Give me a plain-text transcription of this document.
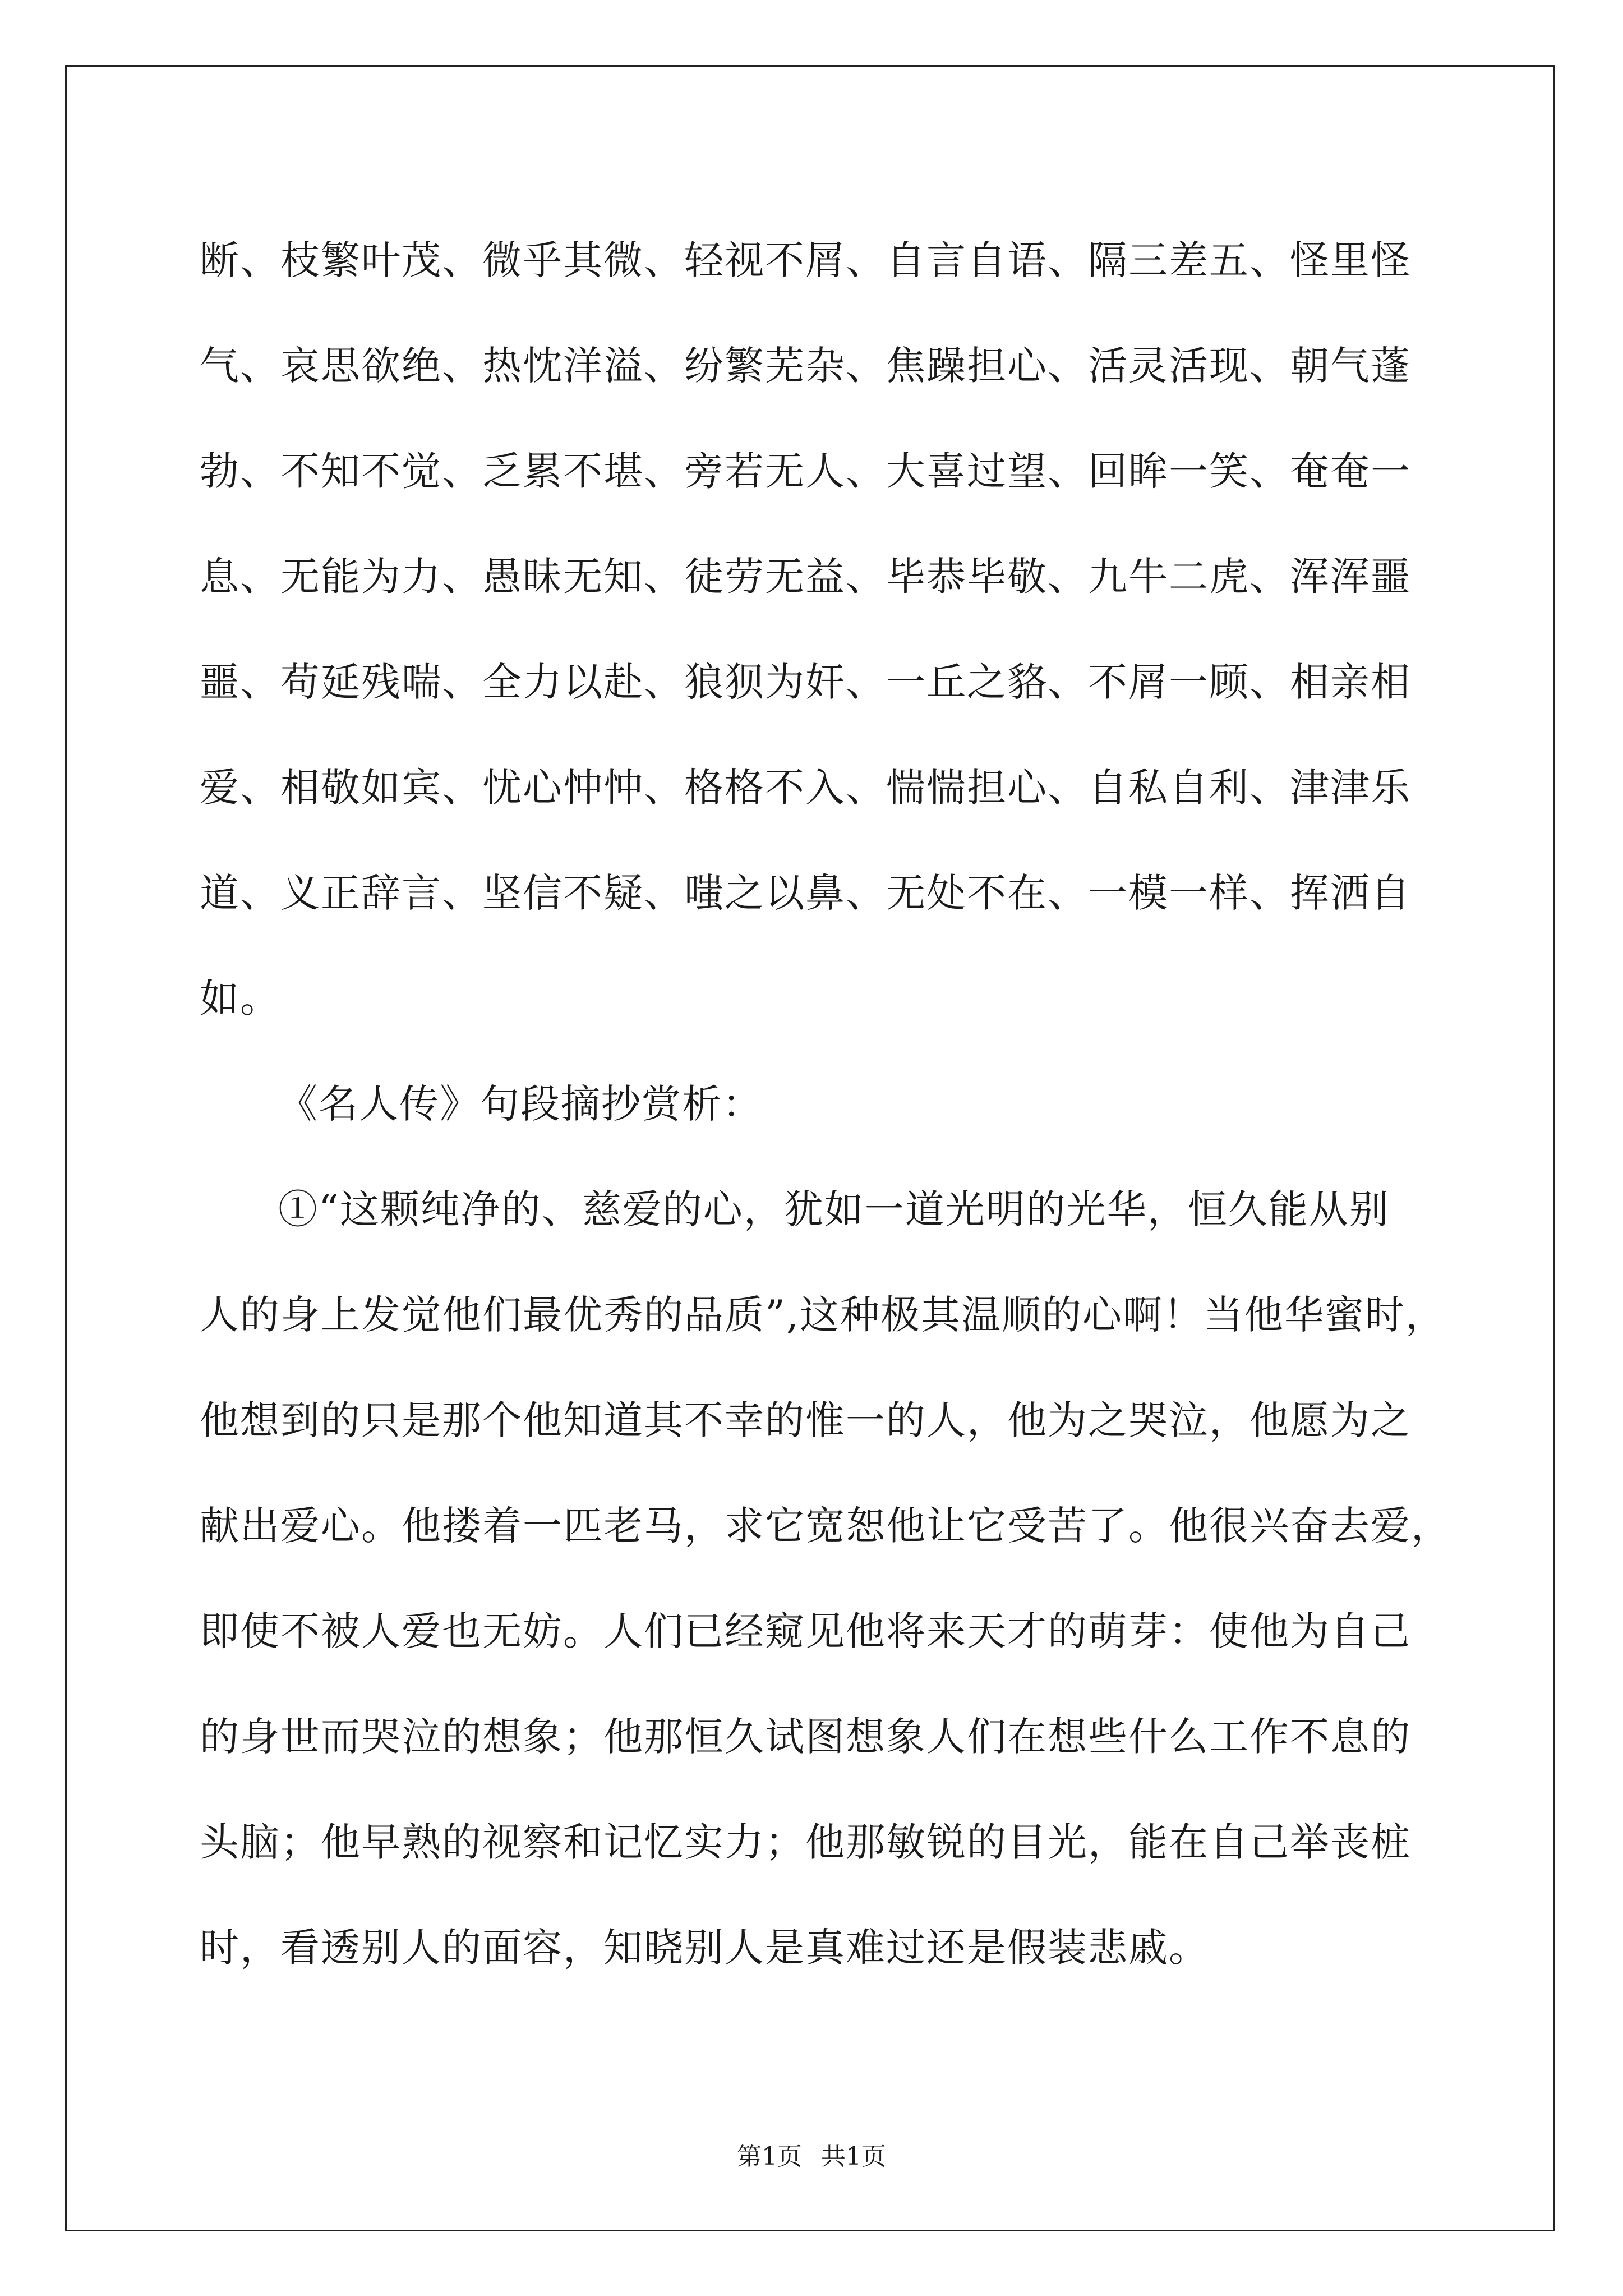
断、枝繁叶茂、微乎其微、轻视不屑、自言自语、隔三差五、怪里怪
气、哀思欲绝、热忱洋溢、纷繁芜杂、焦躁担心、活灵活现、朝气蓬
勃、不知不觉、乏累不堪、旁若无人、大喜过望、回眸一笑、奄奄一
息、无能为力、愚昧无知、徒劳无益、毕恭毕敬、九牛二虎、浑浑噩
噩、苟延残喘、全力以赴、狼狈为奸、一丘之貉、不屑一顾、相亲相
爱、相敬如宾、忧心忡忡、格格不入、惴惴担心、自私自利、津津乐
道、义正辞言、坚信不疑、嗤之以鼻、无处不在、一模一样、挥洒自
如。
《名人传》句段摘抄赏析：
①“这颗纯净的、慈爱的心，犹如一道光明的光华，恒久能从别
人的身上发觉他们最优秀的品质”,这种极其温顺的心啊！当他华蜜时，
他想到的只是那个他知道其不幸的惟一的人，他为之哭泣，他愿为之
献出爱心。他搂着一匹老马，求它宽恕他让它受苦了。他很兴奋去爱，
即使不被人爱也无妨。人们已经窥见他将来天才的萌芽：使他为自己
的身世而哭泣的想象；他那恒久试图想象人们在想些什么工作不息的
头脑；他早熟的视察和记忆实力；他那敏锐的目光，能在自己举丧桩
时，看透别人的面容，知晓别人是真难过还是假装悲戚。
第1页 共1页
